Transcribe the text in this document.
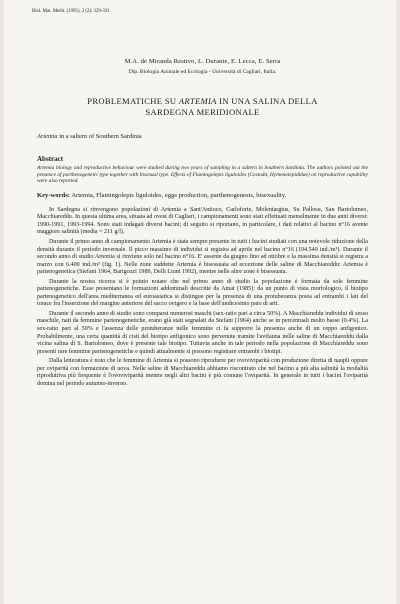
Biol. Mar. Medit. (1995), 2 (2): 329-331
M.A. de Miranda Restivo, L. Durante, E. Lecca, E. Serra
Dip. Biologia Animale ed Ecologia - Università di Cagliari, Italia.
PROBLEMATICHE SU ARTEMIA IN UNA SALINA DELLA
SARDEGNA MERIDIONALE
Artemia in a saltern of Southern Sardinia
Abstract
Artemia biology and reproductive behaviour were studied during two years of sampling in a saltern in Southern Sardinia. The authors pointed out the presence of parthenogenetic type together with bisexual type. Effects of Flamingolepis liguloides (Cestoda, Hymenolepididae) on reproductive capability were also reported.
Key-words: Artemia, Flamingolepis liguloides, eggs production, parthenogenesis, bisexuality.

In Sardegna si rinvengono popolazioni di Artemia a Sant'Antioco, Carloforte, Molentargius, Su Pallosu, San Bartolomeo, Macchiareddu. In questa ultima area, situata ad ovest di Cagliari, i campionamenti sono stati effettuati mensilmente in due anni diversi: 1990-1991, 1993-1994. Sono stati indagati diversi bacini; di seguito si riportano, in particolare, i dati relativi al bacino n°16 avente maggiore salinità (media = 211 g/l).

Durante il primo anno di campionamento Artemia è stata sempre presente in tutti i bacini studiati con una notevole riduzione della densità durante il periodo invernale. Il picco massimo di individui si registra ad aprile nel bacino n°16 (104.540 ind./m³). Durante il secondo anno di studio Artemia si rinviene solo nel bacino n°16. E' assente da giugno fino ad ottobre e la massima densità si registra a marzo con 6.400 ind./m³ (fig. 1). Nelle zone suddette Artemia è bisessuata ad eccezione delle saline di Macchiareddu: Artemia è partenogenetica (Stefani 1964, Barigozzi 1989, Delli Liuni 1992), mentre nelle altre zone è bisessuata.

Durante la nostra ricerca si è potuto notare che nel primo anno di studio la popolazione è formata da sole femmine partenogenetiche. Esse presentano le formazioni addominali descritte da Amat (1985): da un punto di vista morfologico, il biotipo partenogenetico dell'area mediterranea ed euroasiatica si distingue per la presenza di una protuberanza posta ad entrambi i lati del torace fra l'inserzione del margine anteriore del sacco ovigero e la base dell'undicesimo paio di arti.

Durante il secondo anno di studio sono comparsi numerosi maschi (sex-ratio pari a circa 50%). A Macchiareddu individui di sesso maschile, nati da femmine partenogenetiche, erano già stati segnalati da Stefani (1964) anche se in percentuali molto basse (0.4%). La sex-ratio pari al 50% e l'assenza delle protuberanze nelle femmine ci fa supporre la presenza anche di un ceppo anfigonico. Probabilmente, una certa quantità di cisti del biotipo anfigonico sono pervenute tramite l'avifauna nelle saline di Macchiareddu dalla vicina salina di S. Bartolomeo, dove è presente tale biotipo. Tuttavia anche in tale periodo nella popolazione di Macchiareddu sono presenti rare femmine partenogenetiche e quindi attualmente si possono registrare entrambi i biotipi.

Dalla letteratura è noto che le femmine di Artemia si possono riprodurre per ovoviviparità con produzione diretta di naupli oppure per oviparità con formazione di uova. Nelle saline di Macchiareddu abbiamo riscontrato che nel bacino a più alta salinità la modalità riproduttiva più frequente è l'ovoviviparità mentre negli altri bacini è più comune l'oviparità. In generale in tutti i bacini l'oviparità domina nel periodo autunno-inverno.
